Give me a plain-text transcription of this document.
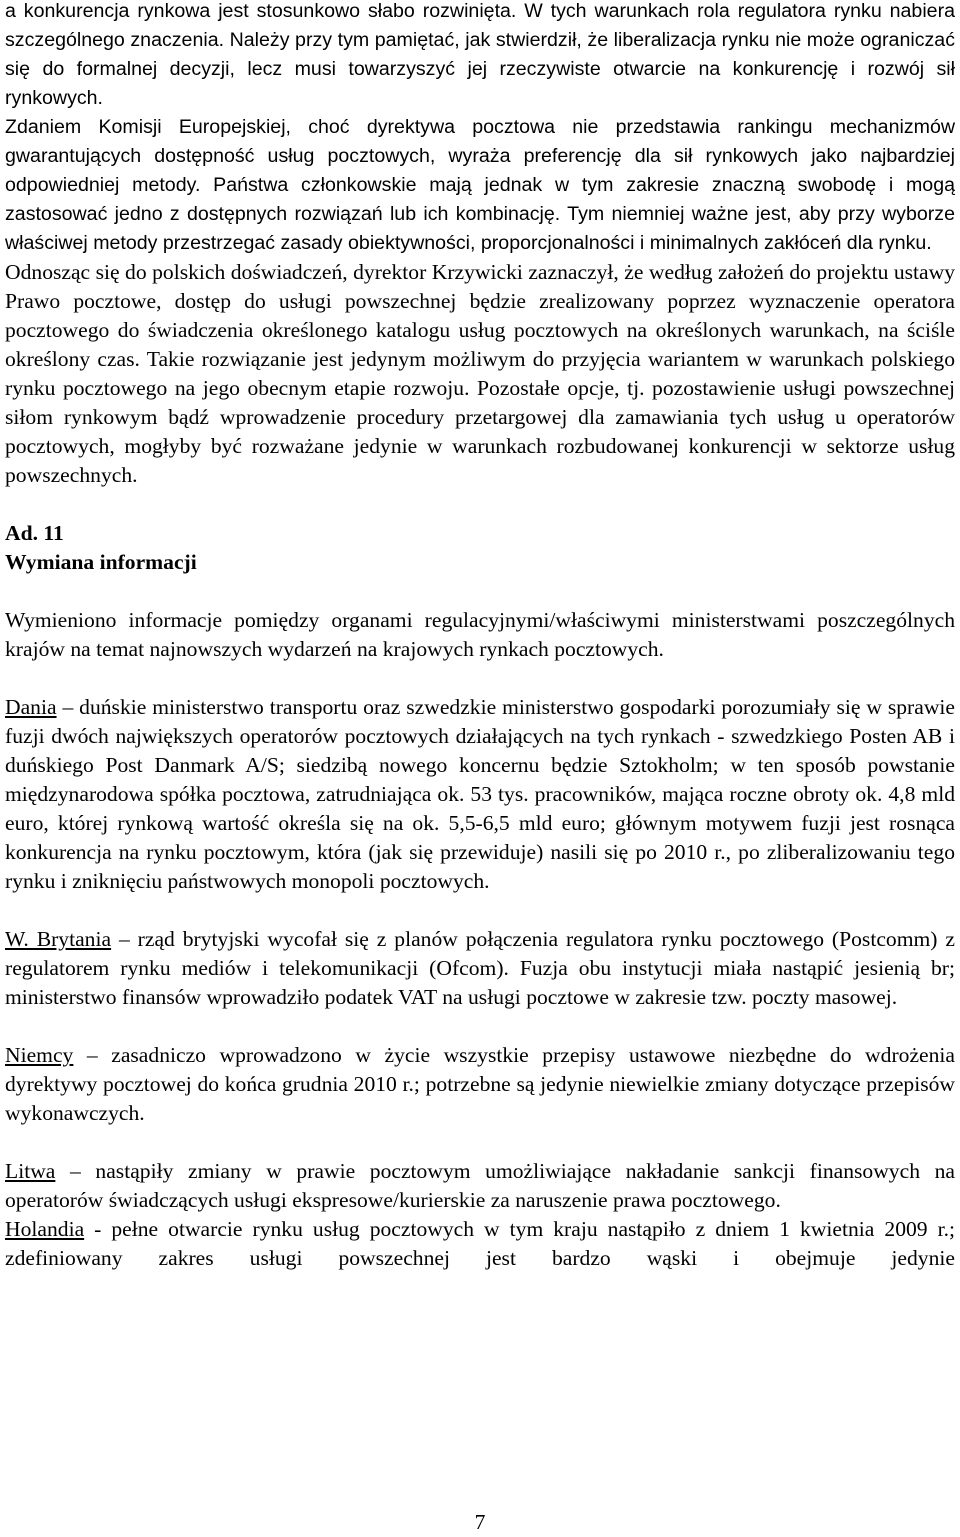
a konkurencja rynkowa jest stosunkowo słabo rozwinięta. W tych warunkach rola regulatora rynku nabiera szczególnego znaczenia. Należy przy tym pamiętać, jak stwierdził, że liberalizacja rynku nie może ograniczać się do formalnej decyzji, lecz musi towarzyszyć jej rzeczywiste otwarcie na konkurencję i rozwój sił rynkowych.

Zdaniem Komisji Europejskiej, choć dyrektywa pocztowa nie przedstawia rankingu mechanizmów gwarantujących dostępność usług pocztowych, wyraża preferencję dla sił rynkowych jako najbardziej odpowiedniej metody. Państwa członkowskie mają jednak w tym zakresie znaczną swobodę i mogą zastosować jedno z dostępnych rozwiązań lub ich kombinację. Tym niemniej ważne jest, aby przy wyborze właściwej metody przestrzegać zasady obiektywności, proporcjonalności i minimalnych zakłóceń dla rynku.

Odnosząc się do polskich doświadczeń, dyrektor Krzywicki zaznaczył, że według założeń do projektu ustawy Prawo pocztowe, dostęp do usługi powszechnej będzie zrealizowany poprzez wyznaczenie operatora pocztowego do świadczenia określonego katalogu usług pocztowych na określonych warunkach, na ściśle określony czas. Takie rozwiązanie jest jedynym możliwym do przyjęcia wariantem w warunkach polskiego rynku pocztowego na jego obecnym etapie rozwoju. Pozostałe opcje, tj. pozostawienie usługi powszechnej siłom rynkowym bądź wprowadzenie procedury przetargowej dla zamawiania tych usług u operatorów pocztowych, mogłyby być rozważane jedynie w warunkach rozbudowanej konkurencji w sektorze usług powszechnych.

Ad. 11

Wymiana informacji

Wymieniono informacje pomiędzy organami regulacyjnymi/właściwymi ministerstwami poszczególnych krajów na temat najnowszych wydarzeń na krajowych rynkach pocztowych.

Dania – duńskie ministerstwo transportu oraz szwedzkie ministerstwo gospodarki porozumiały się w sprawie fuzji dwóch największych operatorów pocztowych działających na tych rynkach - szwedzkiego Posten AB i duńskiego Post Danmark A/S; siedzibą nowego koncernu będzie Sztokholm; w ten sposób powstanie międzynarodowa spółka pocztowa, zatrudniająca ok. 53 tys. pracowników, mająca roczne obroty ok. 4,8 mld euro, której rynkową wartość określa się na ok. 5,5-6,5 mld euro; głównym motywem fuzji jest rosnąca konkurencja na rynku pocztowym, która (jak się przewiduje) nasili się po 2010 r., po zliberalizowaniu tego rynku i zniknięciu państwowych monopoli pocztowych.

W. Brytania – rząd brytyjski wycofał się z planów połączenia regulatora rynku pocztowego (Postcomm) z regulatorem rynku mediów i telekomunikacji (Ofcom). Fuzja obu instytucji miała nastąpić jesienią br; ministerstwo finansów wprowadziło podatek VAT na usługi pocztowe w zakresie tzw. poczty masowej.

Niemcy – zasadniczo wprowadzono w życie wszystkie przepisy ustawowe niezbędne do wdrożenia dyrektywy pocztowej do końca grudnia 2010 r.; potrzebne są jedynie niewielkie zmiany dotyczące przepisów wykonawczych.

Litwa – nastąpiły zmiany w prawie pocztowym umożliwiające nakładanie sankcji finansowych na operatorów świadczących usługi ekspresowe/kurierskie za naruszenie prawa pocztowego.

Holandia - pełne otwarcie rynku usług pocztowych w tym kraju nastąpiło z dniem 1 kwietnia 2009 r.; zdefiniowany zakres usługi powszechnej jest bardzo wąski i obejmuje jedynie

7
